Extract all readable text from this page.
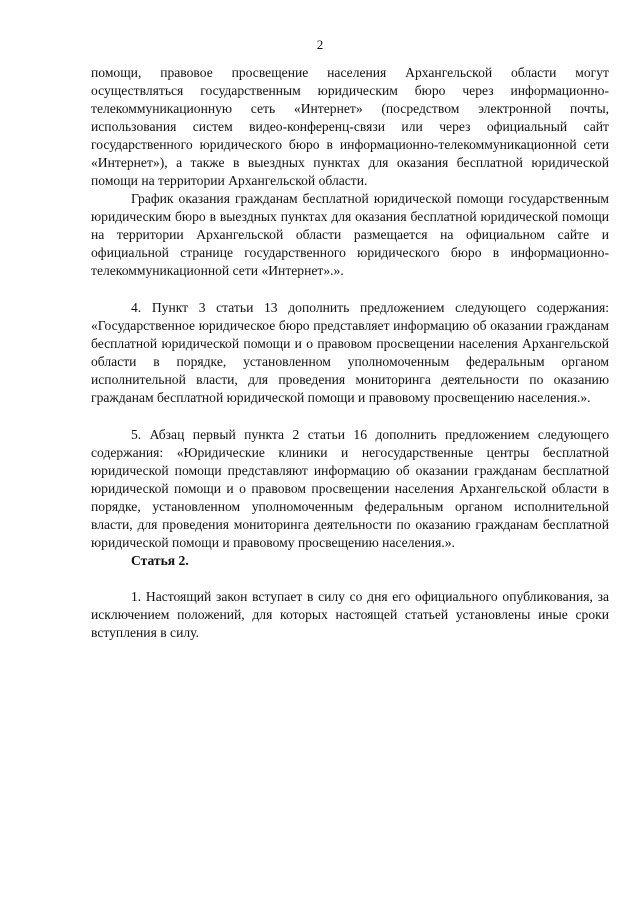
2

помощи, правовое просвещение населения Архангельской области могут осуществляться государственным юридическим бюро через информационно-телекоммуникационную сеть «Интернет» (посредством электронной почты, использования систем видео-конференц-связи или через официальный сайт государственного юридического бюро в информационно-телекоммуникационной сети «Интернет»), а также в выездных пунктах для оказания бесплатной юридической помощи на территории Архангельской области.

График оказания гражданам бесплатной юридической помощи государственным юридическим бюро в выездных пунктах для оказания бесплатной юридической помощи на территории Архангельской области размещается на официальном сайте и официальной странице государственного юридического бюро в информационно-телекоммуникационной сети «Интернет».».

4. Пункт 3 статьи 13 дополнить предложением следующего содержания: «Государственное юридическое бюро представляет информацию об оказании гражданам бесплатной юридической помощи и о правовом просвещении населения Архангельской области в порядке, установленном уполномоченным федеральным органом исполнительной власти, для проведения мониторинга деятельности по оказанию гражданам бесплатной юридической помощи и правовому просвещению населения.».

5. Абзац первый пункта 2 статьи 16 дополнить предложением следующего содержания: «Юридические клиники и негосударственные центры бесплатной юридической помощи представляют информацию об оказании гражданам бесплатной юридической помощи и о правовом просвещении населения Архангельской области в порядке, установленном уполномоченным федеральным органом исполнительной власти, для проведения мониторинга деятельности по оказанию гражданам бесплатной юридической помощи и правовому просвещению населения.».

Статья 2.

1. Настоящий закон вступает в силу со дня его официального опубликования, за исключением положений, для которых настоящей статьей установлены иные сроки вступления в силу.
